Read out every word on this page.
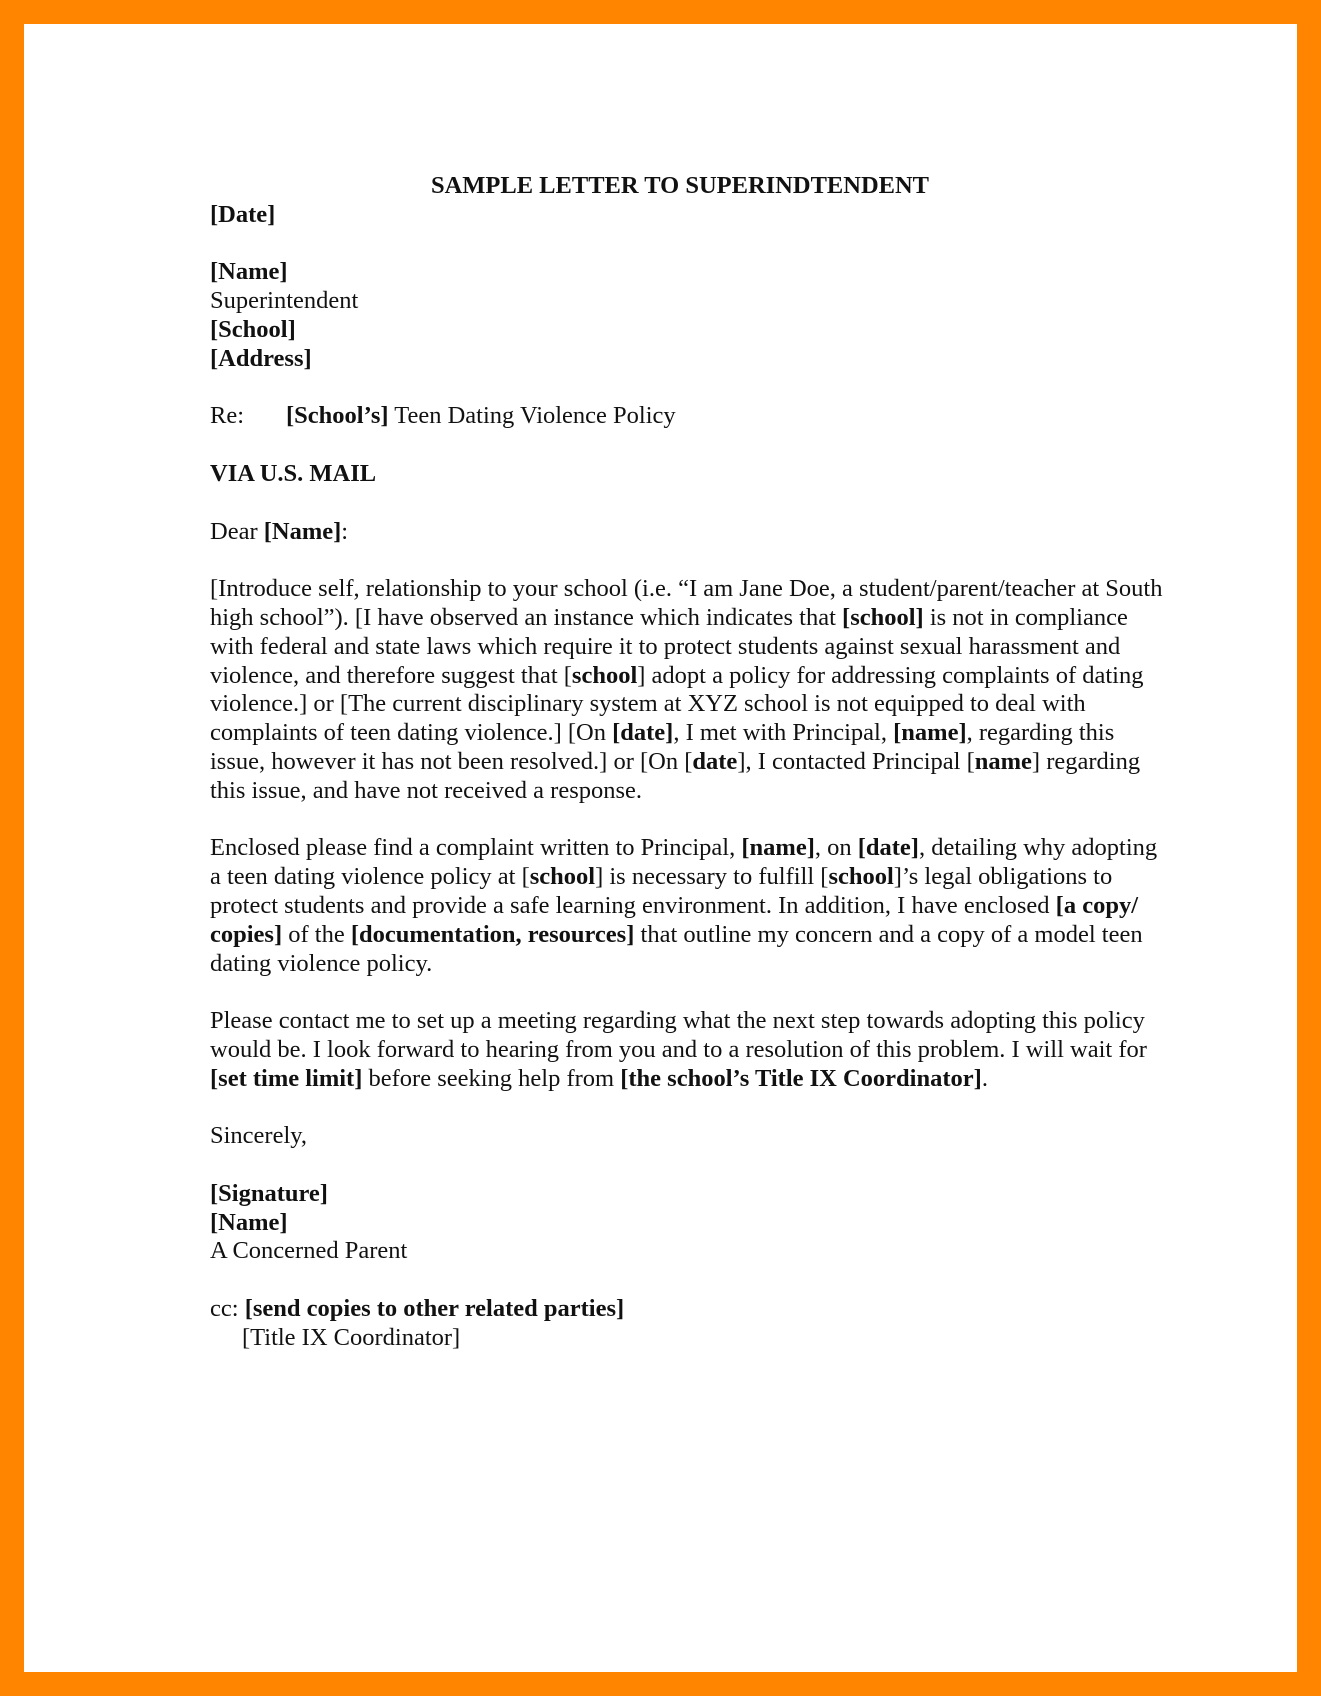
SAMPLE LETTER TO SUPERINDTENDENT

[Date]

[Name]

Superintendent

[School]

[Address]

Re: [School’s] Teen Dating Violence Policy

VIA U.S. MAIL

Dear [Name]:

[Introduce self, relationship to your school (i.e. “I am Jane Doe, a student/parent/teacher at South high school”). [I have observed an instance which indicates that [school] is not in compliance with federal and state laws which require it to protect students against sexual harassment and violence, and therefore suggest that [school] adopt a policy for addressing complaints of dating violence.] or [The current disciplinary system at XYZ school is not equipped to deal with complaints of teen dating violence.] [On [date], I met with Principal, [name], regarding this issue, however it has not been resolved.] or [On [date], I contacted Principal [name] regarding this issue, and have not received a response.

Enclosed please find a complaint written to Principal, [name], on [date], detailing why adopting a teen dating violence policy at [school] is necessary to fulfill [school]’s legal obligations to protect students and provide a safe learning environment. In addition, I have enclosed [a copy/ copies] of the [documentation, resources] that outline my concern and a copy of a model teen dating violence policy.

Please contact me to set up a meeting regarding what the next step towards adopting this policy would be. I look forward to hearing from you and to a resolution of this problem. I will wait for [set time limit] before seeking help from [the school’s Title IX Coordinator].

Sincerely,

[Signature]

[Name]

A Concerned Parent

cc: [send copies to other related parties]

[Title IX Coordinator]
